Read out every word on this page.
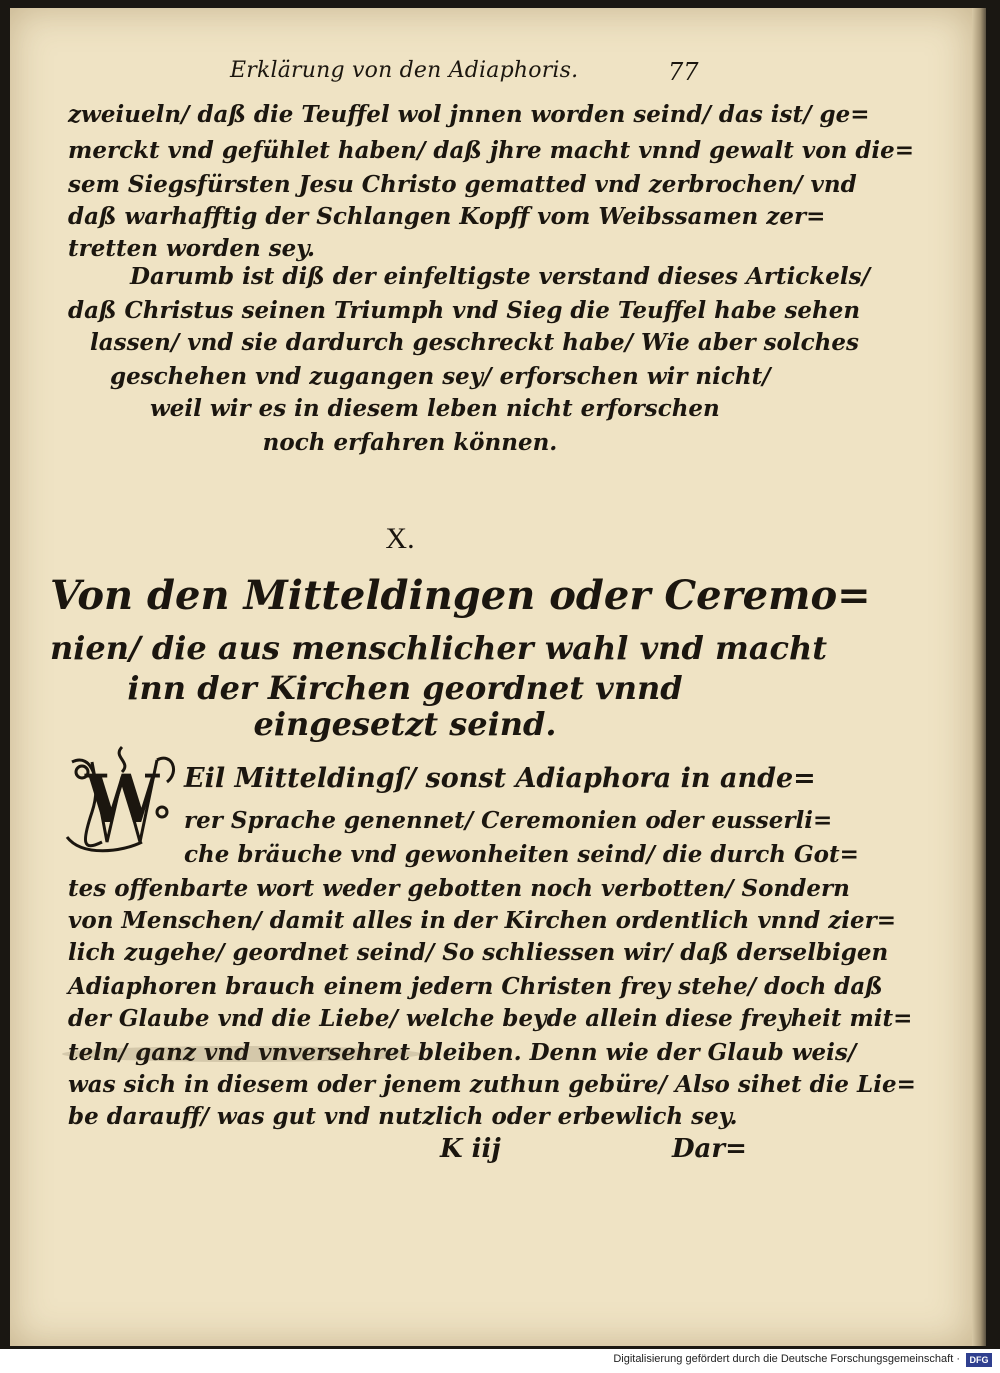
Erklärung von den Adiaphoris.	77
zweiueln/ daß die Teuffel wol jnnen worden seind/ das ist/ ge=
merckt vnd gefühlet haben/ daß jhre macht vnnd gewalt von die=
sem Siegsfürsten Jesu Christo gematted vnd zerbrochen/ vnd
daß warhafftig der Schlangen Kopff vom Weibssamen zer=
tretten worden sey.
Darumb ist diß der einfeltigste verstand dieses Artickels/
daß Christus seinen Triumph vnd Sieg die Teuffel habe sehen
lassen/ vnd sie dardurch geschreckt habe/ Wie aber solches
geschehen vnd zugangen sey/ erforschen wir nicht/
weil wir es in diesem leben nicht erforschen
noch erfahren können.
X.
Von den Mitteldingen oder Ceremo=
nien/ die aus menschlicher wahl vnd macht
inn der Kirchen geordnet vnnd
eingesetzt seind.
W Eil Mitteldingſ/ sonst Adiaphora in ande=
rer Sprache genennet/ Ceremonien oder eusserli=
che bräuche vnd gewonheiten seind/ die durch Got=
tes offenbarte wort weder gebotten noch verbotten/ Sondern
von Menschen/ damit alles in der Kirchen ordentlich vnnd zier=
lich zugehe/ geordnet seind/ So schliessen wir/ daß derselbigen
Adiaphoren brauch einem jedern Christen frey stehe/ doch daß
der Glaube vnd die Liebe/ welche beyde allein diese freyheit mit=
teln/ ganz vnd vnversehret bleiben. Denn wie der Glaub weis/
was sich in diesem oder jenem zuthun gebüre/ Also sihet die Lie=
be darauff/ was gut vnd nutzlich oder erbewlich sey.
K iij	Dar=
Digitalisierung gefördert durch die Deutsche Forschungsgemeinschaft ·	DFG
